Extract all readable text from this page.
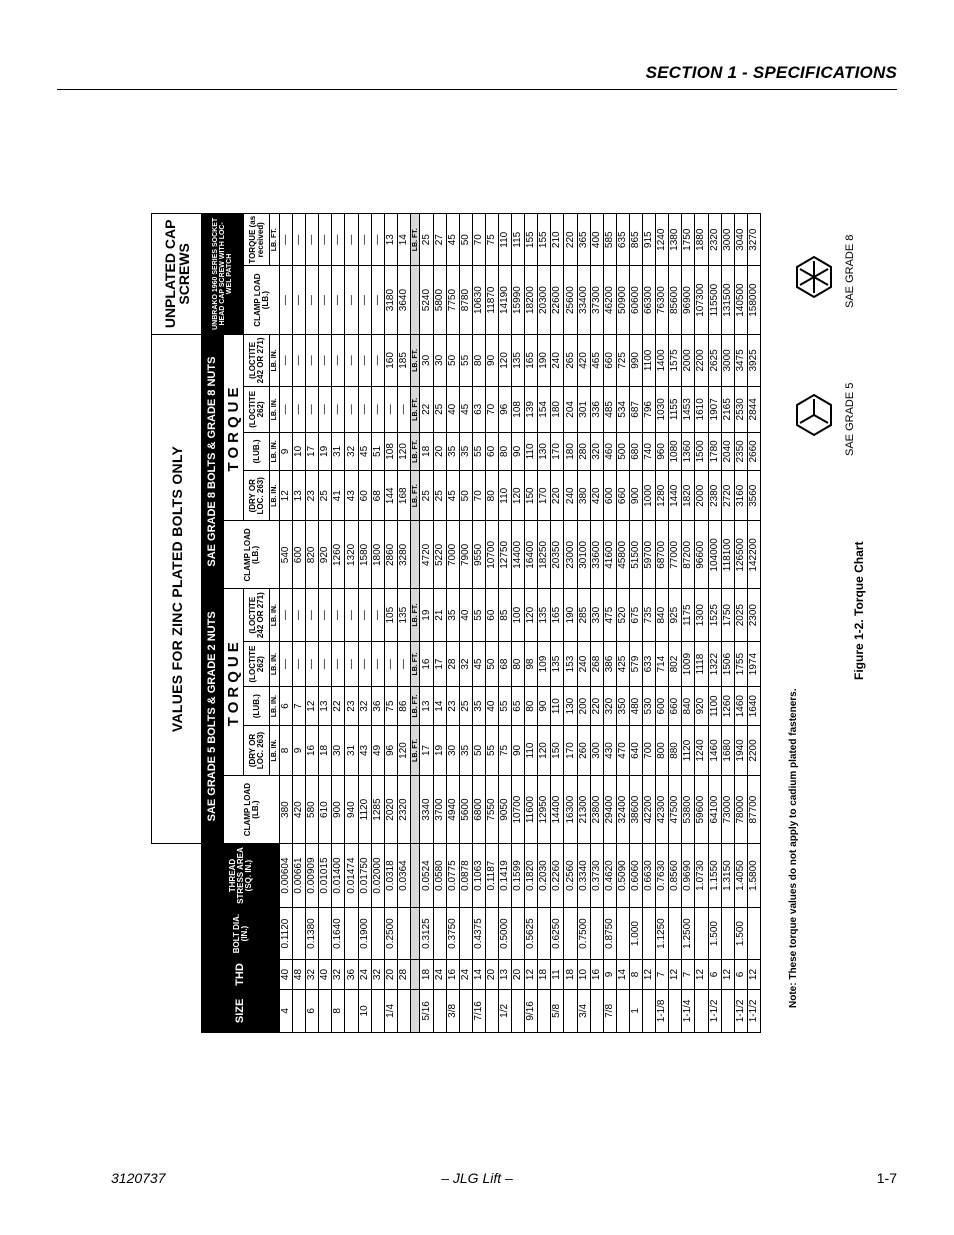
SECTION 1 - SPECIFICATIONS
				VALUES FOR ZINC PLATED BOLTS ONLY										UNPLATED CAP SCREWS	
SIZE	THD	BOLT DIA. (IN.)	THREAD STRESS AREA (SQ. IN.)	SAE GRADE 5 BOLTS & GRADE 2 NUTS					SAE GRADE 8 BOLTS & GRADE 8 NUTS					UNBRAKO 1960 SERIES SOCKET HEAD CAP SCREW WITH LOC-WEL PATCH	
				CLAMP LOAD (LB.)	TORQUE				CLAMP LOAD (LB.)	TORQUE					
					(DRY OR LOC. 263)	(LUB.)	(LOCTITE 262)	(LOCTITE 242 OR 271)		(DRY OR LOC. 263)	(LUB.)	(LOCTITE 262)	(LOCTITE 242 OR 271)	CLAMP LOAD (LB.)	TORQUE (as received)
					LB. IN.	LB. IN.	LB. IN.	LB. IN.		LB. IN.	LB. IN.	LB. IN.	LB. IN.		LB. FT.
4	40	0.1120	0.00604	380	8	6	—	—	540	12	9	—	—	—	—
	48		0.00661	420	9	7	—	—	600	13	10	—	—	—	—
6	32	0.1380	0.00909	580	16	12	—	—	820	23	17	—	—	—	—
	40		0.01015	610	18	13	—	—	920	25	19	—	—	—	—
8	32	0.1640	0.01400	900	30	22	—	—	1260	41	31	—	—	—	—
	36		0.01474	940	31	23	—	—	1320	43	32	—	—	—	—
10	24	0.1900	0.01750	1120	43	32	—	—	1580	60	45	—	—	—	—
	32		0.02000	1285	49	36	—	—	1800	68	51	—	—	—	—
1/4	20	0.2500	0.0318	2020	96	75	—	105	2860	144	108	—	160	3180	13
	28		0.0364	2320	120	86	—	135	3280	168	120	—	185	3640	14
					LB. FT.	LB. FT.	LB. FT.	LB. FT.		LB. FT.	LB. FT.	LB. FT.	LB. FT.		LB. FT.
5/16	18	0.3125	0.0524	3340	17	13	16	19	4720	25	18	22	30	5240	25
	24		0.0580	3700	19	14	17	21	5220	25	20	25	30	5800	27
3/8	16	0.3750	0.0775	4940	30	23	28	35	7000	45	35	40	50	7750	45
	24		0.0878	5600	35	25	32	40	7900	50	35	45	55	8780	50
7/16	14	0.4375	0.1063	6800	50	35	45	55	9550	70	55	63	80	10630	70
	20		0.1187	7550	55	40	50	60	10700	80	60	70	90	11870	75
1/2	13	0.5000	0.1419	9050	75	55	68	85	12750	110	80	96	120	14190	110
	20		0.1599	10700	90	65	80	100	14400	120	90	108	135	15990	115
9/16	12	0.5625	0.1820	11600	110	80	98	120	16400	150	110	139	165	18200	155
	18		0.2030	12950	120	90	109	135	18250	170	130	154	190	20300	155
5/8	11	0.6250	0.2260	14400	150	110	135	165	20350	220	170	180	240	22600	210
	18		0.2560	16300	170	130	153	190	23000	240	180	204	265	25600	220
3/4	10	0.7500	0.3340	21300	260	200	240	285	30100	380	280	301	420	33400	365
	16		0.3730	23800	300	220	268	330	33600	420	320	336	465	37300	400
7/8	9	0.8750	0.4620	29400	430	320	386	475	41600	600	460	485	660	46200	585
	14		0.5090	32400	470	350	425	520	45800	660	500	534	725	50900	635
1	8	1.000	0.6060	38600	640	480	579	675	51500	900	680	687	990	60600	865
	12		0.6630	42200	700	530	633	735	59700	1000	740	796	1100	66300	915
1-1/8	7	1.1250	0.7630	42300	800	600	714	840	68700	1280	960	1030	1400	76300	1240
	12		0.8560	47500	880	660	802	925	77000	1440	1080	1155	1575	85600	1380
1-1/4	7	1.2500	0.9690	53800	1120	840	1009	1175	87200	1820	1360	1453	2000	96900	1750
	12		1.0730	59600	1240	920	1118	1300	96600	2000	1500	1610	2200	107300	1880
1-1/2	6	1.500	1.1550	64100	1460	1100	1322	1525	104000	2380	1780	1907	2625	115500	2320
	12		1.3150	73000	1680	1260	1506	1750	118100	2720	2040	2165	3000	131500	3000
1-1/2	6	1.500	1.4050	78000	1940	1460	1755	2025	126500	3160	2350	2530	3475	140500	3040
1-1/2	12		1.5800	87700	2200	1640	1974	2300	142200	3560	2660	2844	3925	158000	3270
Note: These torque values do not apply to cadium plated fasteners.
Figure 1-2. Torque Chart
SAE GRADE 5
SAE GRADE 8
3120737	– JLG Lift –	1-7
